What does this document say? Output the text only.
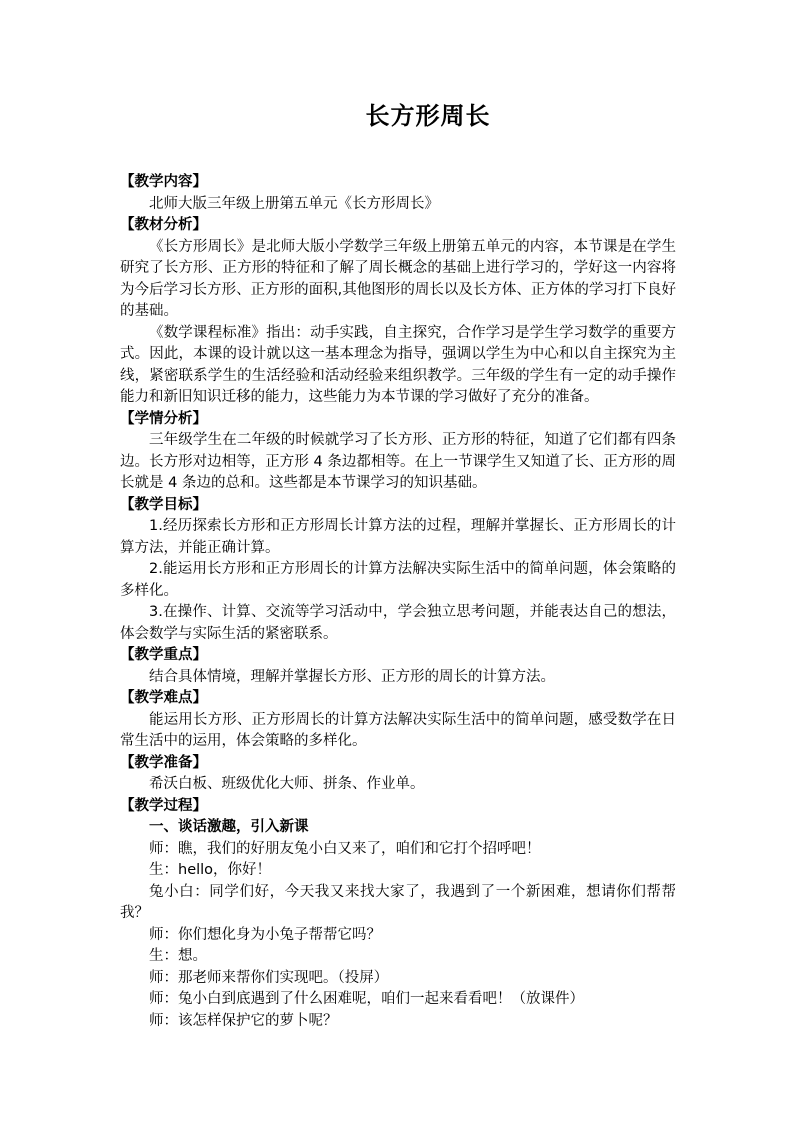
长方形周长

【教学内容】

北师大版三年级上册第五单元《长方形周长》

【教材分析】

《长方形周长》是北师大版小学数学三年级上册第五单元的内容，本节课是在学生研究了长方形、正方形的特征和了解了周长概念的基础上进行学习的，学好这一内容将为今后学习长方形、正方形的面积,其他图形的周长以及长方体、正方体的学习打下良好的基础。

《数学课程标准》指出：动手实践，自主探究，合作学习是学生学习数学的重要方式。因此，本课的设计就以这一基本理念为指导，强调以学生为中心和以自主探究为主线，紧密联系学生的生活经验和活动经验来组织教学。三年级的学生有一定的动手操作能力和新旧知识迁移的能力，这些能力为本节课的学习做好了充分的准备。

【学情分析】

三年级学生在二年级的时候就学习了长方形、正方形的特征，知道了它们都有四条边。长方形对边相等，正方形 4 条边都相等。在上一节课学生又知道了长、正方形的周长就是 4 条边的总和。这些都是本节课学习的知识基础。

【教学目标】

1.经历探索长方形和正方形周长计算方法的过程，理解并掌握长、正方形周长的计算方法，并能正确计算。

2.能运用长方形和正方形周长的计算方法解决实际生活中的简单问题，体会策略的多样化。

3.在操作、计算、交流等学习活动中，学会独立思考问题，并能表达自己的想法，体会数学与实际生活的紧密联系。

【教学重点】

结合具体情境，理解并掌握长方形、正方形的周长的计算方法。

【教学难点】

能运用长方形、正方形周长的计算方法解决实际生活中的简单问题，感受数学在日常生活中的运用，体会策略的多样化。

【教学准备】

希沃白板、班级优化大师、拼条、作业单。

【教学过程】

一、谈话激趣，引入新课

师：瞧，我们的好朋友兔小白又来了，咱们和它打个招呼吧！

生：hello，你好！

兔小白：同学们好，今天我又来找大家了，我遇到了一个新困难，想请你们帮帮我？

师：你们想化身为小兔子帮帮它吗？

生：想。

师：那老师来帮你们实现吧。（投屏）

师：兔小白到底遇到了什么困难呢，咱们一起来看看吧！（放课件）

师：该怎样保护它的萝卜呢？
